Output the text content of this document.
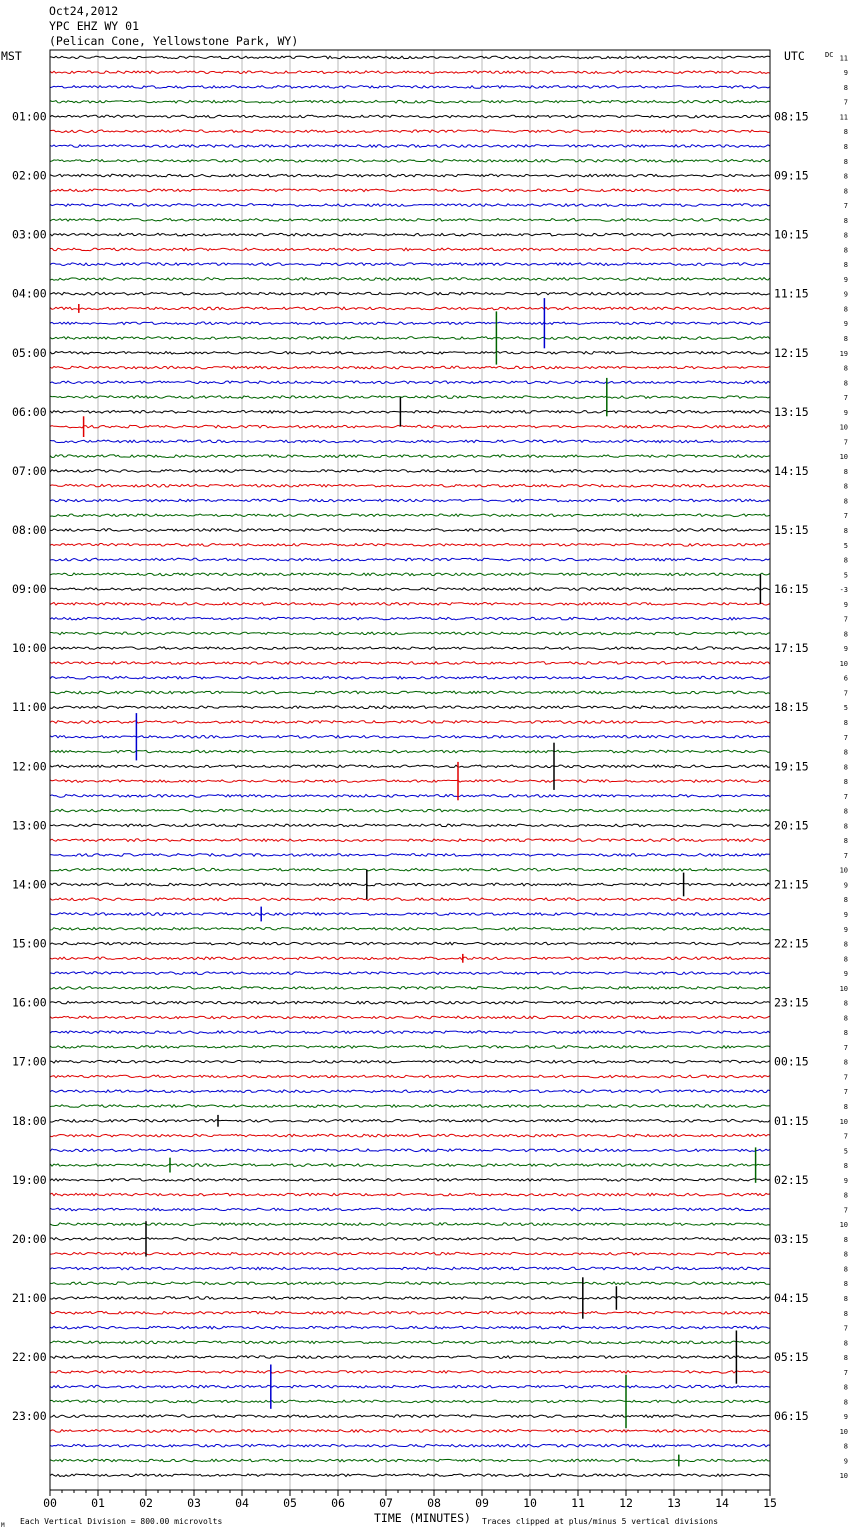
Oct24,2012
YPC EHZ WY 01
(Pelican Cone, Yellowstone Park, WY)
MST	UTC	DC
01:00
02:00
03:00
04:00
05:00
06:00
07:00
08:00
09:00
10:00
11:00
12:00
13:00
14:00
15:00
16:00
17:00
18:00
19:00
20:00
21:00
22:00
23:00
08:15
09:15
10:15
11:15
12:15
13:15
14:15
15:15
16:15
17:15
18:15
19:15
20:15
21:15
22:15
23:15
00:15
01:15
02:15
03:15
04:15
05:15
06:15
11
9
8
7
11
8
8
8
8
8
7
8
8
8
8
9
9
8
9
8
19
8
8
7
9
10
7
10
8
8
8
7
8
5
8
5
-3
9
7
8
9
10
6
7
5
8
7
8
8
8
7
8
8
8
7
10
9
8
9
9
8
8
9
10
8
8
8
7
8
7
7
8
10
7
5
8
9
8
7
10
8
8
8
8
8
8
7
8
8
7
8
8
9
10
8
9
10
00	01	02	03	04	05	06	07	08	09	10	11	12	13	14	15
TIME (MINUTES)
Each Vertical Division = 800.00 microvolts	Traces clipped at plus/minus 5 vertical divisions
M
